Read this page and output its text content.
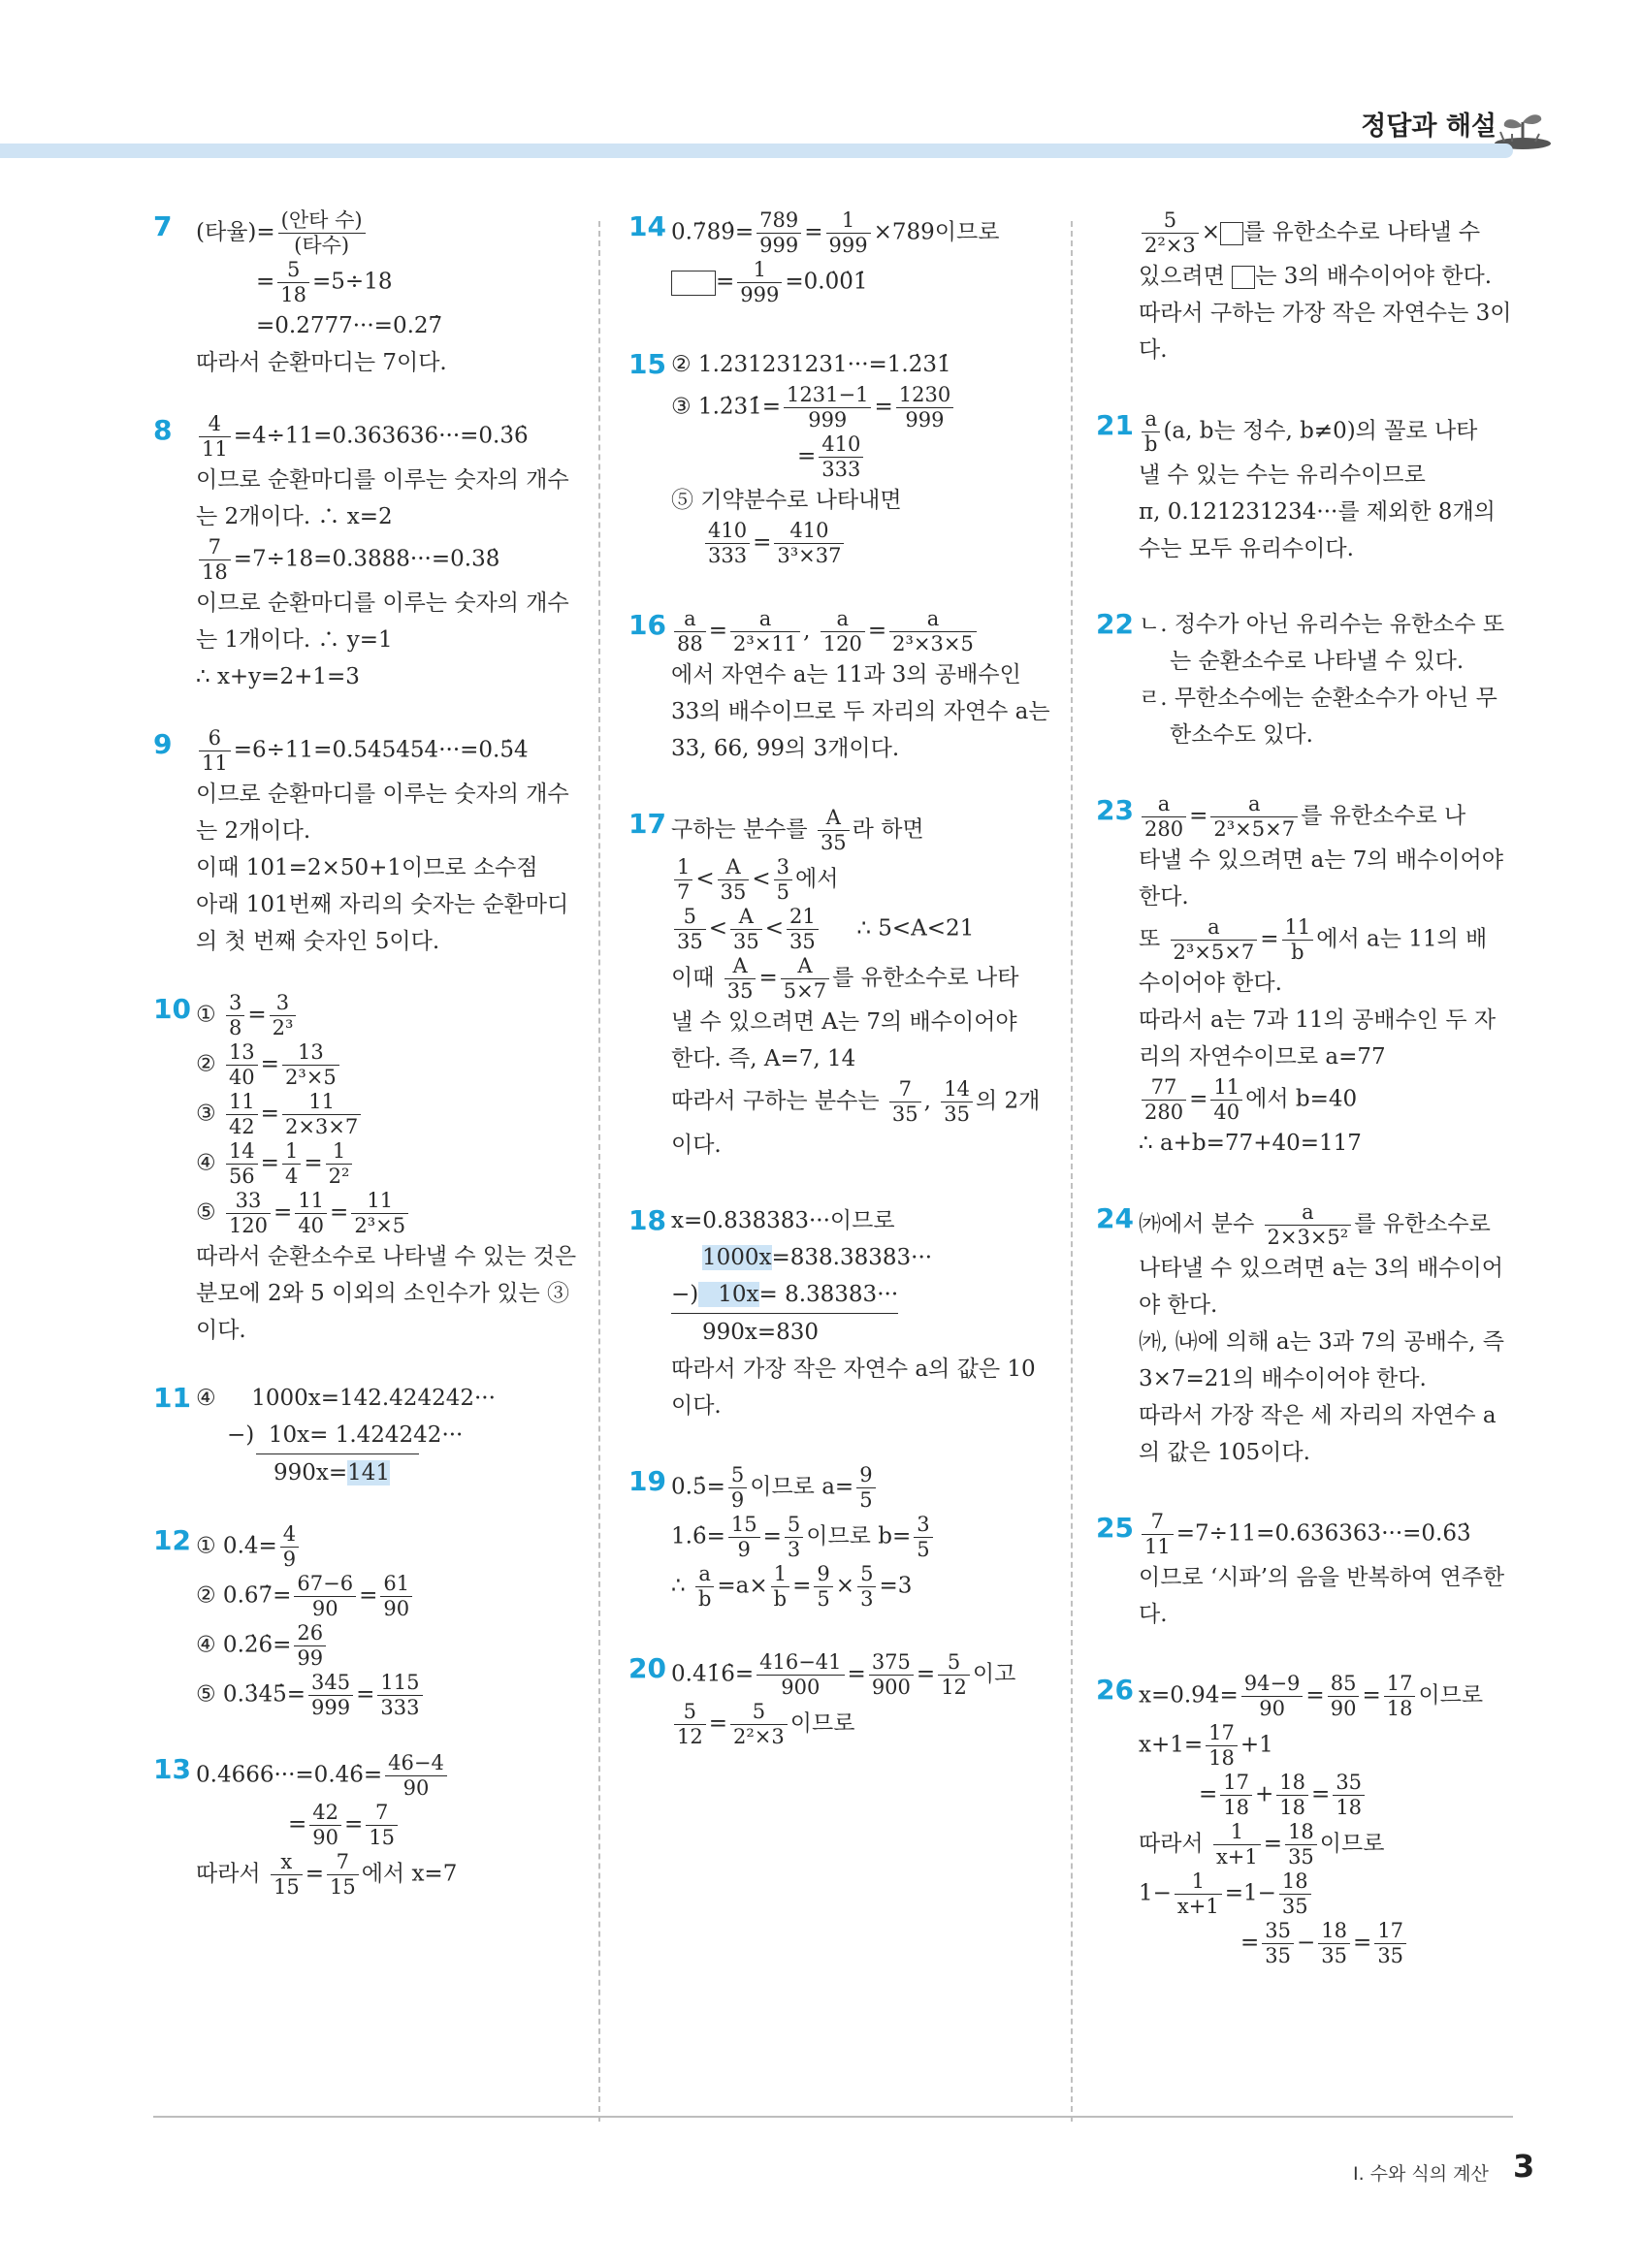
정답과 해설
7 (타율)= $\frac{\text{(안타 수)}}{\text{(타수)}}$
= $\frac{5}{18} =5\div 18$
=0.2777···=0.27̇
따라서 순환마디는 7이다.
$8 \frac{4}{11}$ =4÷11=0.363636···=0.3̇6̇
이므로 순환마디를 이루는 숫자의 개수
는 2개이다. ∴ x=2
$\frac{7}{18}$ =7÷18=0.3888···=0.38̇
이므로 순환마디를 이루는 숫자의 개수
는 1개이다. ∴ y=1
∴ x+y=2+1=3
$9 \frac{6}{11}$ =6÷11=0.545454···=0.5̇4̇
이므로 순환마디를 이루는 숫자의 개수
는 2개이다.
이때 101=2×50+1이므로 소수점
아래 101번째 자리의 숫자는 순환마디
의 첫 번째 숫자인 5이다.
10 ① $\frac{3}{8} = \frac{3}{\text{2³}}$
② $\frac{13}{40} = \frac{13}{\text{2³×5}}$
③ $\frac{11}{42} = \frac{11}{2\times 3\times 7}$
④ $\frac{14}{56} = \frac{1}{4} = \frac{1}{\text{2²}}$
⑤ $\frac{33}{120} = \frac{11}{40} = \frac{11}{\text{2³×5}}$
따라서 순환소수로 나타낼 수 있는 것은
분모에 2와 5 이외의 소인수가 있는 ③
이다.
11 ④ 1000x=142.424242···
−) 10x= 1.424242···
990x=141
12 ① 0.4̇= $\frac{4}{9}$
② 0.67̇= $\frac{67-6}{90} = \frac{61}{90}$
④ 0.2̇6̇= $\frac{26}{99}$
⑤ 0.3̇45̇= $\frac{345}{999} = \frac{115}{333}$
13 0.4666···=0.46̇= $\frac{46-4}{90}$
= $\frac{42}{90} = \frac{7}{15}$
따라서 $\frac{x}{15} = \frac{7}{15}$ 에서 x=7
14 0.7̇89̇= $\frac{789}{999} = \frac{1}{999} \times 789$이므로
= $\frac{1}{999}$ =0.0̇0̇1̇
15 ② 1.231231231···=1.2̇31̇
③ 1.2̇31̇= $\frac{1231-1}{999} = \frac{1230}{999}$
= $\frac{410}{333}$
⑤ 기약분수로 나타내면
$\frac{410}{333} = \frac{410}{\text{3³×37}}$
$16 \frac{a}{88} = \frac{a}{\text{2³×11}}$ , $\frac{a}{120} = \frac{a}{\text{2³×3×5}}$
에서 자연수 a는 11과 3의 공배수인
33의 배수이므로 두 자리의 자연수 a는
33, 66, 99의 3개이다.
17 구하는 분수를 $\frac{A}{35}$ 라 하면
$\frac{1}{7} < \frac{A}{35} < \frac{3}{5}$ 에서
$\frac{5}{35} < \frac{A}{35} < \frac{21}{35}$ ∴ 5<A<21
이때 $\frac{A}{35} = \frac{A}{5\times 7}$ 를 유한소수로 나타
낼 수 있으려면 A는 7의 배수이어야
한다. 즉, A=7, 14
따라서 구하는 분수는 $\frac{7}{35}$ , $\frac{14}{35}$ 의 2개
이다.
18 x=0.838383···이므로
1000x=838.38383···
−) 10x= 8.38383···
990x=830
따라서 가장 작은 자연수 a의 값은 10
이다.
19 0.5̇= $\frac{5}{9}$ 이므로 $a= \frac{9}{5}$
1.6̇= $\frac{15}{9} = \frac{5}{3}$ 이므로 $b= \frac{3}{5}$
∴ $\frac{a}{b} =a\times \frac{1}{b} = \frac{9}{5} \times \frac{5}{3} =3$
20 0.41̇6̇= $\frac{416-41}{900} = \frac{375}{900} = \frac{5}{12}$ 이고
$\frac{5}{12} = \frac{5}{\text{2²×3}}$ 이므로
$\frac{5}{\text{2²×3}}$ × 를 유한소수로 나타낼 수
있으려면 는 3의 배수이어야 한다.
따라서 구하는 가장 작은 자연수는 3이
다.
$21 \frac{a}{b} (a$, b는 정수, b≠0)의 꼴로 나타
낼 수 있는 수는 유리수이므로
π, 0.121231234···를 제외한 8개의
수는 모두 유리수이다.
22 ㄴ. 정수가 아닌 유리수는 유한소수 또
는 순환소수로 나타낼 수 있다.
ㄹ. 무한소수에는 순환소수가 아닌 무
한소수도 있다.
$23 \frac{a}{280} = \frac{a}{\text{2³×5×7}}$ 를 유한소수로 나
타낼 수 있으려면 a는 7의 배수이어야
한다.
또 $\frac{a}{\text{2³×5×7}} = \frac{11}{b}$ 에서 a는 11의 배
수이어야 한다.
따라서 a는 7과 11의 공배수인 두 자
리의 자연수이므로 a=77
$\frac{77}{280} = \frac{11}{40}$ 에서 b=40
∴ a+b=77+40=117
24 ㈎에서 분수 $\frac{a}{\text{2×3×5²}}$ 를 유한소수로
나타낼 수 있으려면 a는 3의 배수이어
야 한다.
㈎, ㈏에 의해 a는 3과 7의 공배수, 즉
3×7=21의 배수이어야 한다.
따라서 가장 작은 세 자리의 자연수 a
의 값은 105이다.
$25 \frac{7}{11}$ =7÷11=0.636363···=0.6̇3̇
이므로 ‘시파’의 음을 반복하여 연주한
다.
26 x=0.94̇= $\frac{94-9}{90} = \frac{85}{90} = \frac{17}{18}$ 이므로
$x+1= \frac{17}{18} +1$
= $\frac{17}{18} + \frac{18}{18} = \frac{35}{18}$
따라서 $\frac{1}{x+1} = \frac{18}{35}$ 이므로
$1- \frac{1}{x+1} =1- \frac{18}{35}$
= $\frac{35}{35} - \frac{18}{35} = \frac{17}{35}$
Ⅰ. 수와 식의 계산 3
